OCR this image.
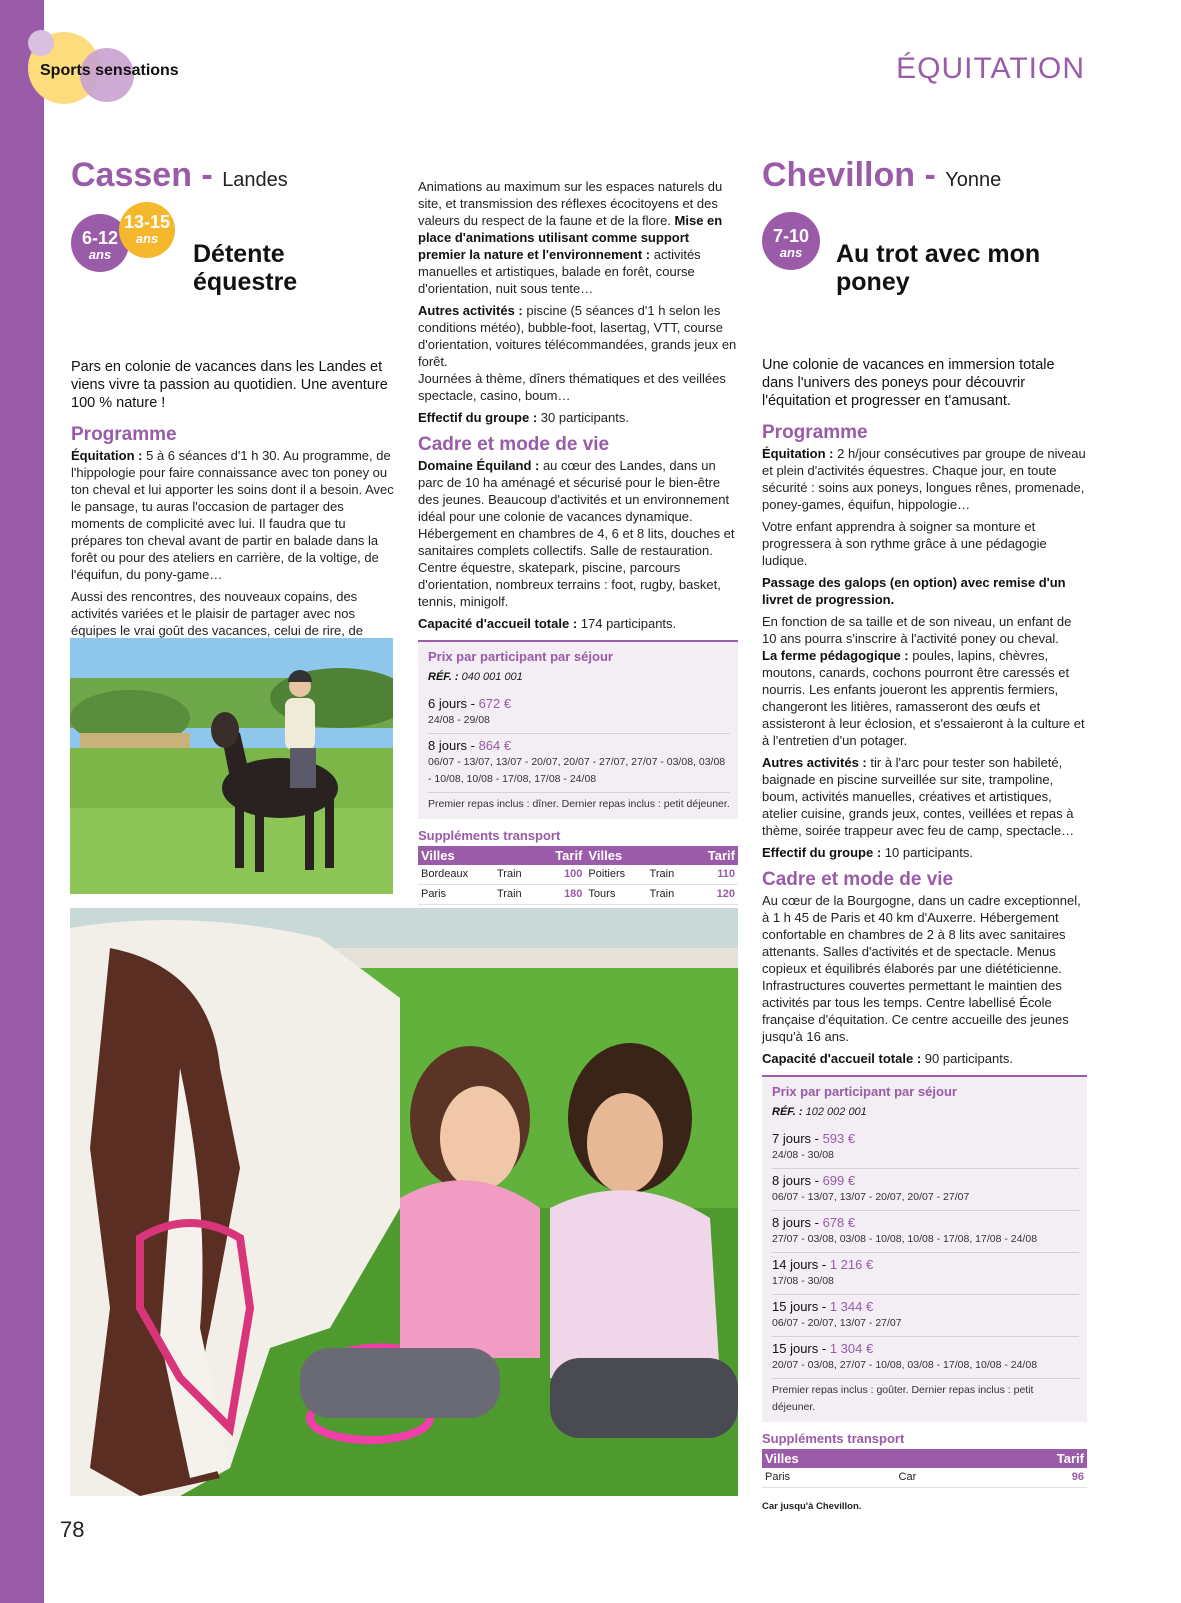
Sports sensations	ÉQUITATION
Cassen - Landes
6-12
ans
13-15
ans
Détente
équestre
Pars en colonie de vacances dans les Landes et viens vivre ta passion au quotidien. Une aventure 100 % nature !
Programme

Équitation : 5 à 6 séances d'1 h 30. Au programme, de l'hippologie pour faire connaissance avec ton poney ou ton cheval et lui apporter les soins dont il a besoin. Avec le pansage, tu auras l'occasion de partager des moments de complicité avec lui. Il faudra que tu prépares ton cheval avant de partir en balade dans la forêt ou pour des ateliers en carrière, de la voltige, de l'équifun, du pony-game…

Aussi des rencontres, des nouveaux copains, des activités variées et le plaisir de partager avec nos équipes le vrai goût des vacances, celui de rire, de

Animations au maximum sur les espaces naturels du site, et transmission des réflexes écocitoyens et des valeurs du respect de la faune et de la flore. Mise en place d'animations utilisant comme support premier la nature et l'environnement : activités manuelles et artistiques, balade en forêt, course d'orientation, nuit sous tente…

Autres activités : piscine (5 séances d'1 h selon les conditions météo), bubble-foot, lasertag, VTT, course d'orientation, voitures télécommandées, grands jeux en forêt.

Journées à thème, dîners thématiques et des veillées spectacle, casino, boum…

Effectif du groupe : 30 participants.

Cadre et mode de vie

Domaine Équiland : au cœur des Landes, dans un parc de 10 ha aménagé et sécurisé pour le bien-être des jeunes. Beaucoup d'activités et un environnement idéal pour une colonie de vacances dynamique. Hébergement en chambres de 4, 6 et 8 lits, douches et sanitaires complets collectifs. Salle de restauration. Centre équestre, skatepark, piscine, parcours d'orientation, nombreux terrains : foot, rugby, basket, tennis, minigolf.

Capacité d'accueil totale : 174 participants.

Prix par participant par séjour
RÉF. : 040 001 001
6 jours - 672 €
24/08 - 29/08
8 jours - 864 €
06/07 - 13/07, 13/07 - 20/07, 20/07 - 27/07, 27/07 - 03/08, 03/08 - 10/08, 10/08 - 17/08, 17/08 - 24/08
Premier repas inclus : dîner. Dernier repas inclus : petit déjeuner.
Suppléments transport
Villes		Tarif	Villes		Tarif
Bordeaux	Train	100	Poitiers	Train	110
Paris	Train	180	Tours	Train	120
Chevillon - Yonne
7-10
ans	Au trot avec mon
poney
Une colonie de vacances en immersion totale dans l'univers des poneys pour découvrir l'équitation et progresser en t'amusant.
Programme

Équitation : 2 h/jour consécutives par groupe de niveau et plein d'activités équestres. Chaque jour, en toute sécurité : soins aux poneys, longues rênes, promenade, poney-games, équifun, hippologie…

Votre enfant apprendra à soigner sa monture et progressera à son rythme grâce à une pédagogie ludique.

Passage des galops (en option) avec remise d'un livret de progression.

En fonction de sa taille et de son niveau, un enfant de 10 ans pourra s'inscrire à l'activité poney ou cheval.

La ferme pédagogique : poules, lapins, chèvres, moutons, canards, cochons pourront être caressés et nourris. Les enfants joueront les apprentis fermiers, changeront les litières, ramasseront des œufs et assisteront à leur éclosion, et s'essaieront à la culture et à l'entretien d'un potager.

Autres activités : tir à l'arc pour tester son habileté, baignade en piscine surveillée sur site, trampoline, boum, activités manuelles, créatives et artistiques, atelier cuisine, grands jeux, contes, veillées et repas à thème, soirée trappeur avec feu de camp, spectacle…

Effectif du groupe : 10 participants.

Cadre et mode de vie

Au cœur de la Bourgogne, dans un cadre exceptionnel, à 1 h 45 de Paris et 40 km d'Auxerre. Hébergement confortable en chambres de 2 à 8 lits avec sanitaires attenants. Salles d'activités et de spectacle. Menus copieux et équilibrés élaborés par une diététicienne. Infrastructures couvertes permettant le maintien des activités par tous les temps. Centre labellisé École française d'équitation. Ce centre accueille des jeunes jusqu'à 16 ans.

Capacité d'accueil totale : 90 participants.

Prix par participant par séjour
RÉF. : 102 002 001
7 jours - 593 €
24/08 - 30/08
8 jours - 699 €
06/07 - 13/07, 13/07 - 20/07, 20/07 - 27/07
8 jours - 678 €
27/07 - 03/08, 03/08 - 10/08, 10/08 - 17/08, 17/08 - 24/08
14 jours - 1 216 €
17/08 - 30/08
15 jours - 1 344 €
06/07 - 20/07, 13/07 - 27/07
15 jours - 1 304 €
20/07 - 03/08, 27/07 - 10/08, 03/08 - 17/08, 10/08 - 24/08
Premier repas inclus : goûter. Dernier repas inclus : petit déjeuner.
Suppléments transport
Villes		Tarif
Paris	Car	96
Car jusqu'à Chevillon.
78
